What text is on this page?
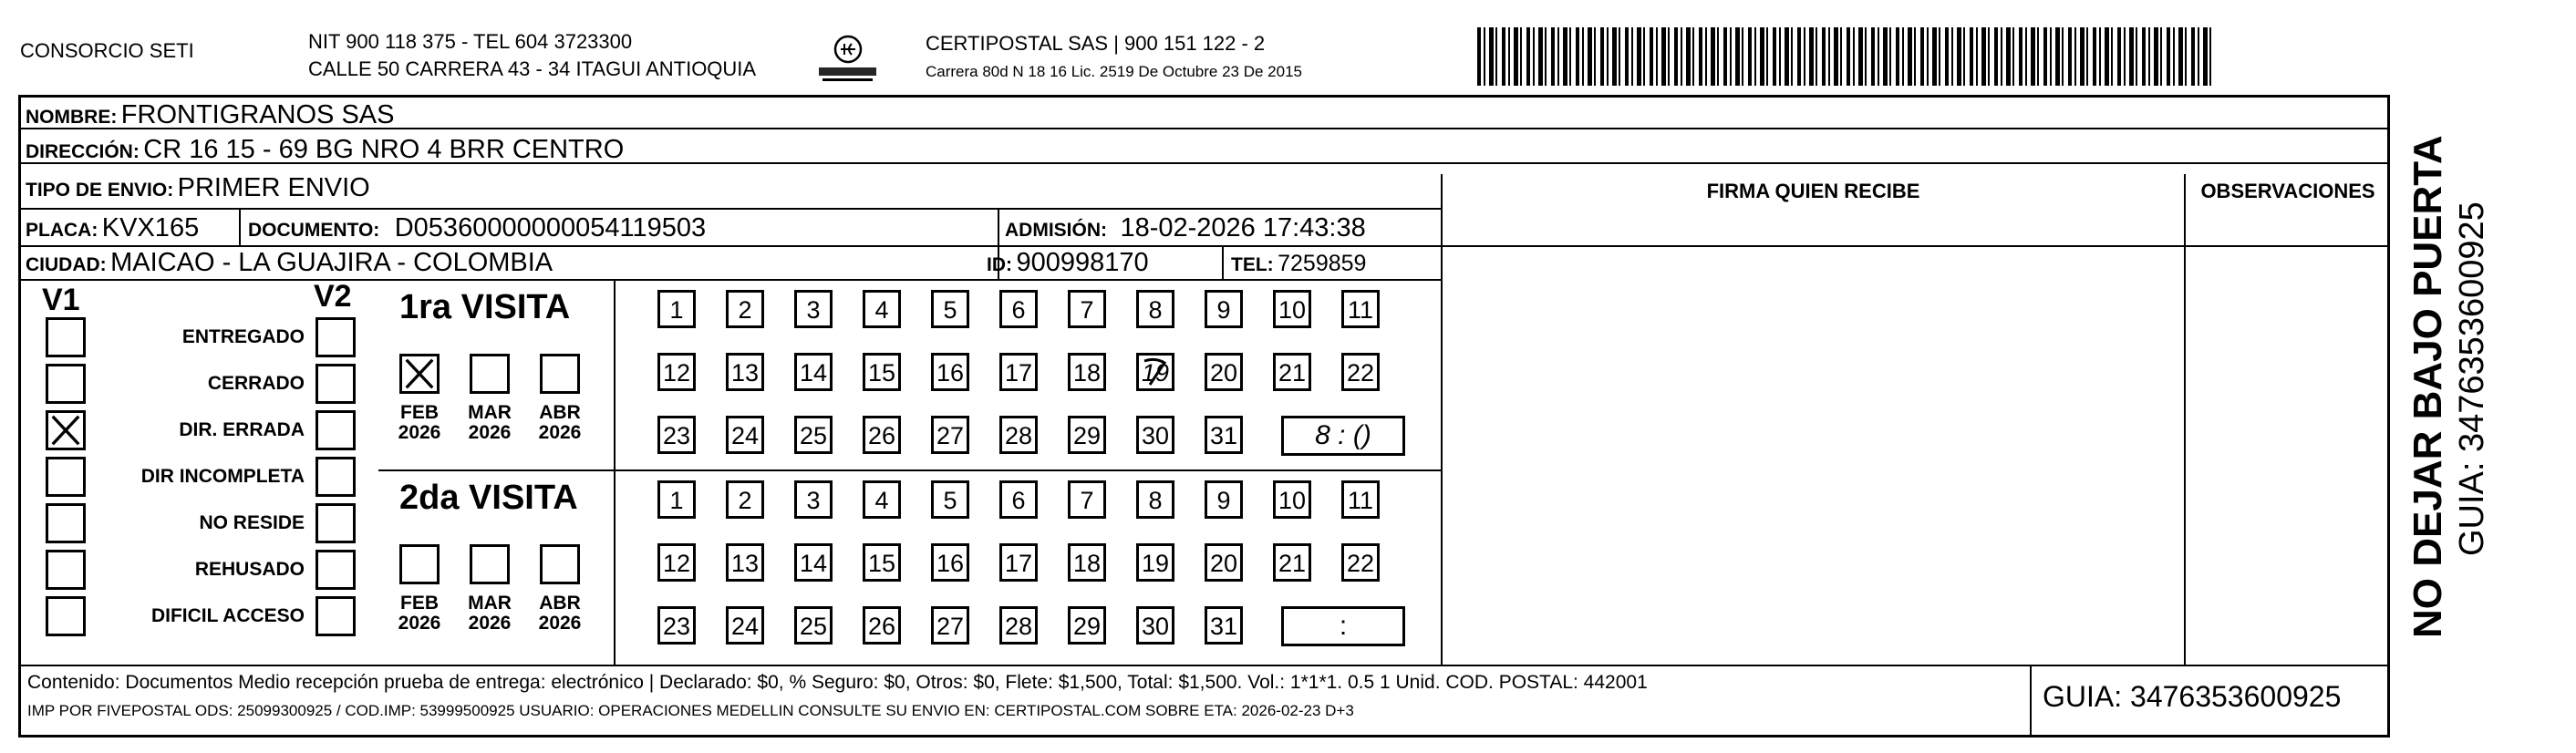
CONSORCIO SETI	NIT 900 118 375 - TEL 604 3723300
CALLE 50 CARRERA 43 - 34 ITAGUI ANTIOQUIA
CERTIPOSTAL SAS | 900 151 122 - 2
Carrera 80d N 18 16 Lic. 2519 De Octubre 23 De 2015
NOMBRE: FRONTIGRANOS SAS
DIRECCIÓN: CR 16 15 - 69 BG NRO 4 BRR CENTRO
TIPO DE ENVIO: PRIMER ENVIO
PLACA: KVX165	DOCUMENTO: D05360000000054119503	ADMISIÓN: 18-02-2026 17:43:38
CIUDAD: MAICAO - LA GUAJIRA - COLOMBIA	ID: 900998170	TEL: 7259859
FIRMA QUIEN RECIBE	OBSERVACIONES
V1	V2
ENTREGADO
CERRADO
DIR. ERRADA
DIR INCOMPLETA
NO RESIDE
REHUSADO
DIFICIL ACCESO
1ra VISITA
FEB
2026
MAR
2026
ABR
2026
1	2	3	4	5	6	7	8	9	10 11
12 13 14 15 16 17 18 19 20 21 22
23 24 25 26 27 28 29 30 31	8 : ()
2da VISITA
FEB
2026
MAR
2026
ABR
2026
1	2	3	4	5	6	7	8	9	10 11
12 13 14 15 16 17 18 19 20 21 22
23 24 25 26 27 28 29 30 31	:
Contenido: Documentos Medio recepción prueba de entrega: electrónico | Declarado: $0, % Seguro: $0, Otros: $0, Flete: $1,500, Total: $1,500. Vol.: 1*1*1. 0.5 1 Unid. COD. POSTAL: 442001
IMP POR FIVEPOSTAL ODS: 25099300925 / COD.IMP: 53999500925 USUARIO: OPERACIONES MEDELLIN CONSULTE SU ENVIO EN: CERTIPOSTAL.COM SOBRE ETA: 2026-02-23 D+3	GUIA: 3476353600925
NO DEJAR BAJO PUERTA GUIA: 3476353600925
